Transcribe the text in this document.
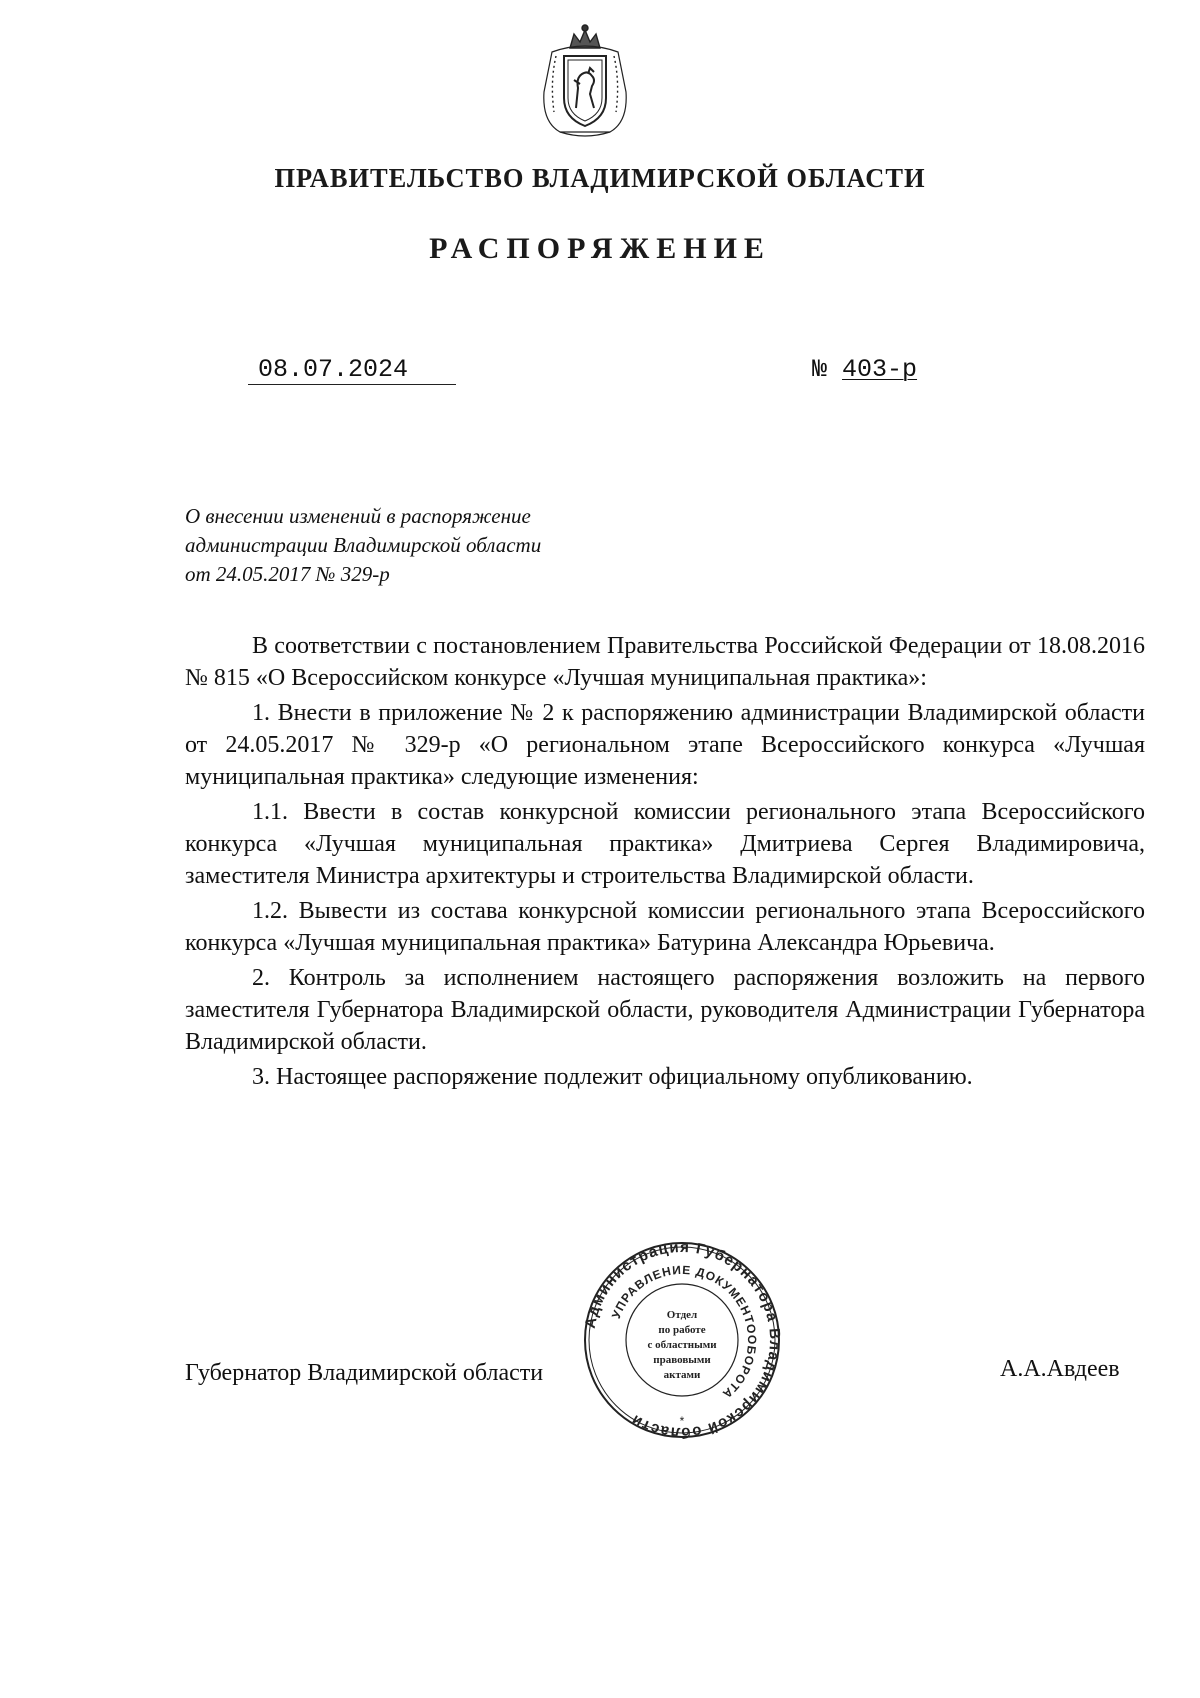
ПРАВИТЕЛЬСТВО ВЛАДИМИРСКОЙ ОБЛАСТИ
РАСПОРЯЖЕНИЕ
08.07.2024	№ 403-р
О внесении изменений в распоряжение
администрации Владимирской области
от 24.05.2017 № 329-р

В соответствии с постановлением Правительства Российской Федерации от 18.08.2016 № 815 «О Всероссийском конкурсе «Лучшая муниципальная практика»:

1. Внести в приложение № 2 к распоряжению администрации Владимирской области от 24.05.2017 № 329-р «О региональном этапе Всероссийского конкурса «Лучшая муниципальная практика» следующие изменения:

1.1. Ввести в состав конкурсной комиссии регионального этапа Всероссийского конкурса «Лучшая муниципальная практика» Дмитриева Сергея Владимировича, заместителя Министра архитектуры и строительства Владимирской области.

1.2. Вывести из состава конкурсной комиссии регионального этапа Всероссийского конкурса «Лучшая муниципальная практика» Батурина Александра Юрьевича.

2. Контроль за исполнением настоящего распоряжения возложить на первого заместителя Губернатора Владимирской области, руководителя Администрации Губернатора Владимирской области.

3. Настоящее распоряжение подлежит официальному опубликованию.

Губернатор Владимирской области	А.А.Авдеев
Администрация Губернатора Владимирской области
УПРАВЛЕНИЕ ДОКУМЕНТООБОРОТА
Отдел
по работе
с областными
правовыми
актами
*
